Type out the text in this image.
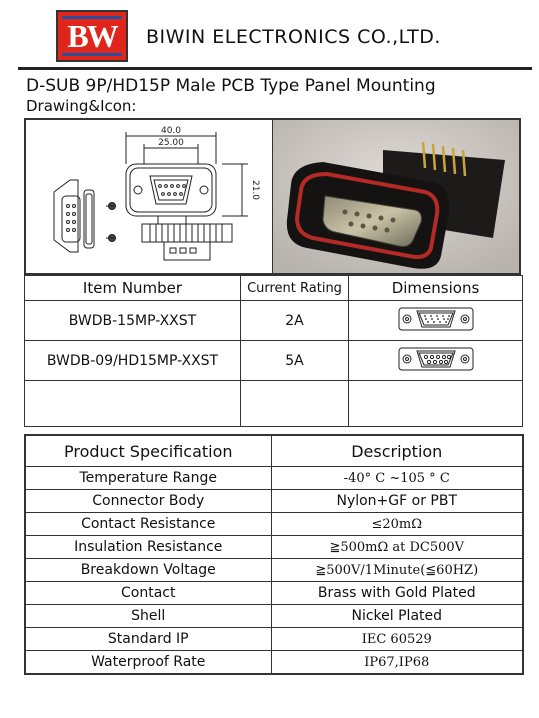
BW BIWIN ELECTRONICS CO.,LTD.
D-SUB 9P/HD15P Male PCB Type Panel Mounting
Drawing&Icon:
40.0
25.00
21.0
Item Number	Current Rating	Dimensions
BWDB-15MP-XXST	2A	
BWDB-09/HD15MP-XXST	5A	

Product Specification	Description
Temperature Range	-40° C ~105 ° C
Connector Body	Nylon+GF or PBT
Contact Resistance	≤20mΩ
Insulation Resistance	≧500mΩ at DC500V
Breakdown Voltage	≧500V/1Minute(≦60HZ)
Contact	Brass with Gold Plated
Shell	Nickel Plated
Standard IP	IEC 60529
Waterproof Rate	IP67,IP68
